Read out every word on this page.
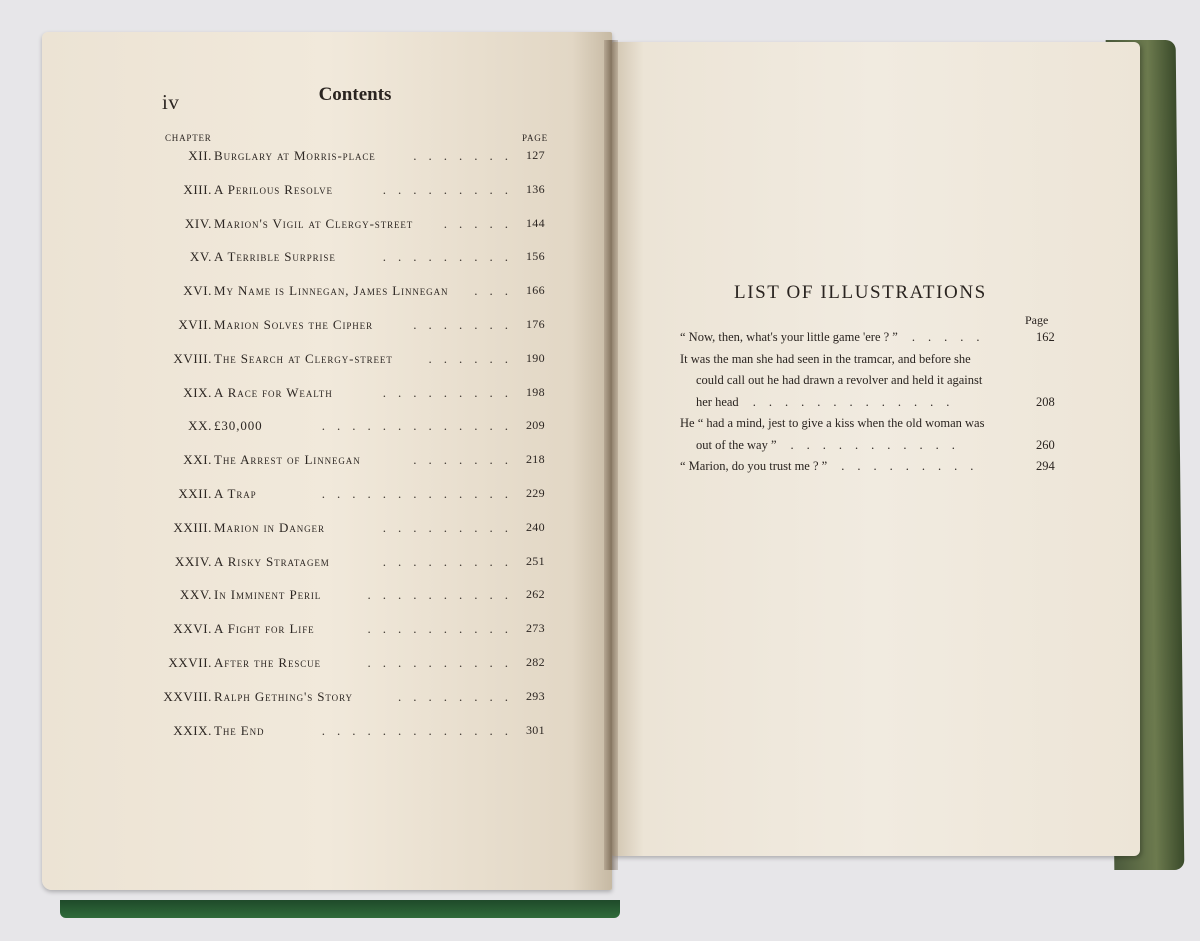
iv	Contents
CHAPTER	PAGE
XII. Burglary at Morris-place	....... 127
XIII. A Perilous Resolve	......... 136
XIV. Marion's Vigil at Clergy-street ..... 144
XV. A Terrible Surprise	......... 156
XVI. My Name is Linnegan, James Linnegan ... 166
XVII. Marion Solves the Cipher	....... 176
XVIII. The Search at Clergy-street	...... 190
XIX. A Race for Wealth	......... 198
XX. £30,000	............. 209
XXI. The Arrest of Linnegan	....... 218
XXII. A Trap	............. 229
XXIII. Marion in Danger	......... 240
XXIV. A Risky Stratagem	......... 251
XXV. In Imminent Peril	.......... 262
XXVI. A Fight for Life	.......... 273
XXVII. After the Rescue	.......... 282
XXVIII. Ralph Gething's Story	........ 293
XXIX. The End	............. 301
LIST OF ILLUSTRATIONS
Page
“ Now, then, what's your little game 'ere ? ”	.....	162
It was the man she had seen in the tramcar, and before she
could call out he had drawn a revolver and held it against
her head	.............	208
He “ had a mind, jest to give a kiss when the old woman was
out of the way ”	...........	260
“ Marion, do you trust me ? ”	.........	294
